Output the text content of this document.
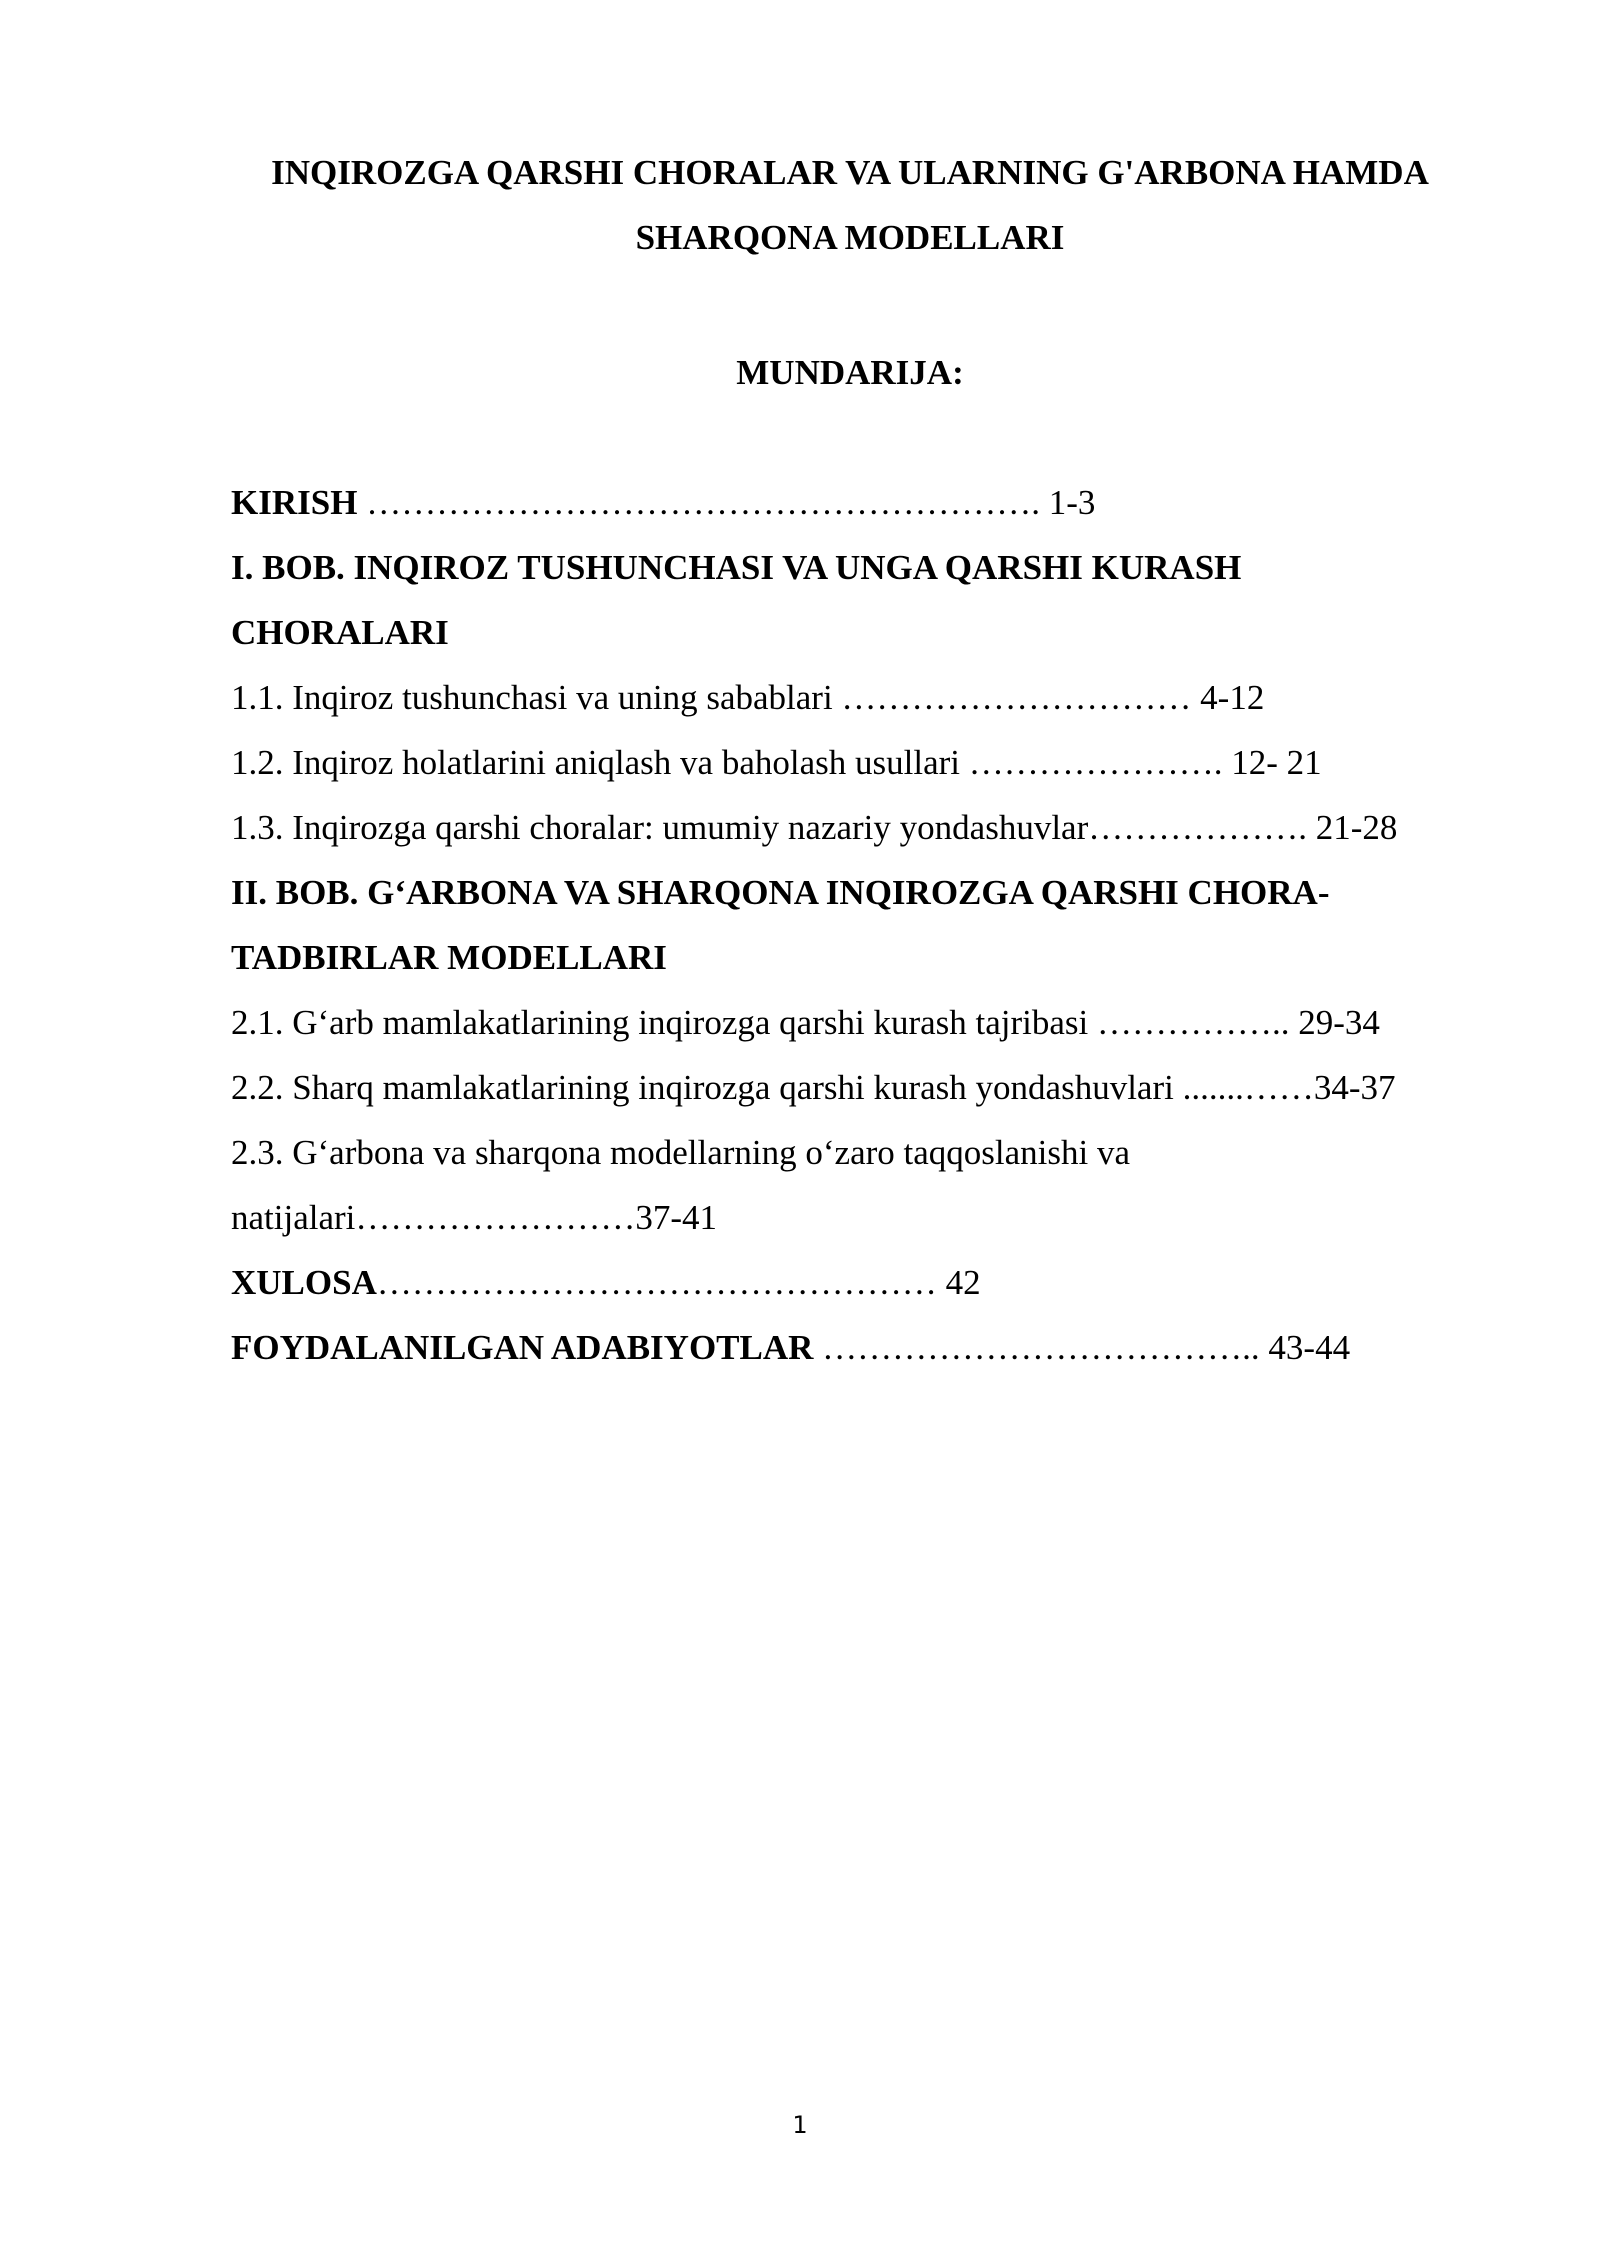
INQIROZGA QARSHI CHORALAR VA ULARNING G'ARBONA HAMDA
SHARQONA MODELLARI
MUNDARIJA:
KIRISH …………………………………………………. 1-3
I. BOB. INQIROZ TUSHUNCHASI VA UNGA QARSHI KURASH
CHORALARI
1.1. Inqiroz tushunchasi va uning sabablari ………………………… 4-12
1.2. Inqiroz holatlarini aniqlash va baholash usullari …………………. 12- 21
1.3. Inqirozga qarshi choralar: umumiy nazariy yondashuvlar………………. 21-28
II. BOB. G‘ARBONA VA SHARQONA INQIROZGA QARSHI CHORA-
TADBIRLAR MODELLARI
2.1. G‘arb mamlakatlarining inqirozga qarshi kurash tajribasi …………….. 29-34
2.2. Sharq mamlakatlarining inqirozga qarshi kurash yondashuvlari .......……34-37
2.3. G‘arbona va sharqona modellarning o‘zaro taqqoslanishi va
natijalari……………………37-41
XULOSA………………………………………… 42
FOYDALANILGAN ADABIYOTLAR ……………………………….. 43-44
1
